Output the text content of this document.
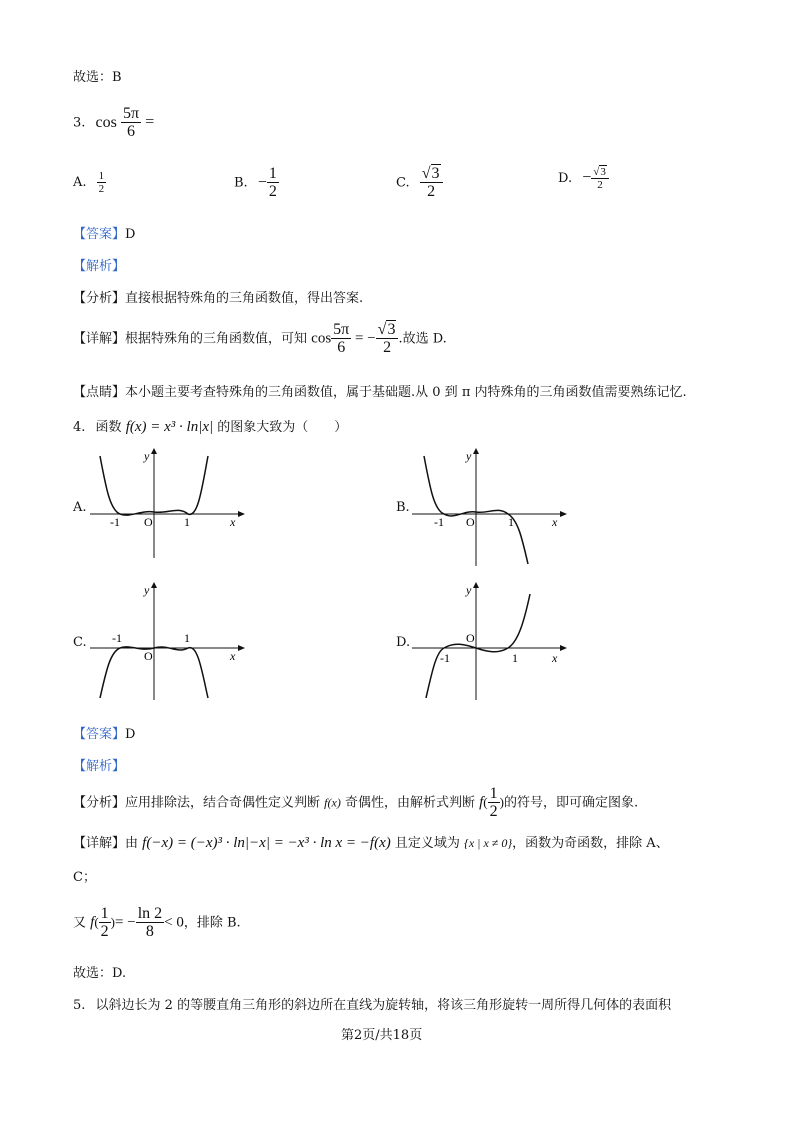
故选：B
3. $\cos \frac{5\pi}{6}$ =
A. $\frac{1}{2}$	B. − $\frac{1}{2}$	C. $\frac{√3}{2}$	D. − $\frac{√3}{2}$
【答案】D
【解析】
【分析】直接根据特殊角的三角函数值，得出答案.
【详解】根据特殊角的三角函数值，可知 $\cos \frac{5\pi}{6}$ = − $\frac{√3}{2}$ .故选 D.
【点睛】本小题主要考查特殊角的三角函数值，属于基础题.从 0 到 π 内特殊角的三角函数值需要熟练记忆.
4. 函数 f(x) = x³ · ln|x| 的图象大致为（　　）
A.
O
-1	1	x
y
B.
O
-1	1	x
y
C.
O
-1	1
x
y
D.	O
-1	1	x
y
【答案】D
【解析】
【分析】应用排除法，结合奇偶性定义判断 f(x) 奇偶性，由解析式判断 $f( \frac{1}{2}$ )的符号，即可确定图象.
【详解】由 f(−x) = (−x)³ · ln|−x| = −x³ · ln x = −f(x) 且定义域为 {x | x ≠ 0}，函数为奇函数，排除 A、
C；
又 $f( \frac{1}{2}$ )= − $\frac{\ln 2}{8} < 0$，排除 B.
故选：D.
5. 以斜边长为 2 的等腰直角三角形的斜边所在直线为旋转轴，将该三角形旋转一周所得几何体的表面积
第2页/共18页
